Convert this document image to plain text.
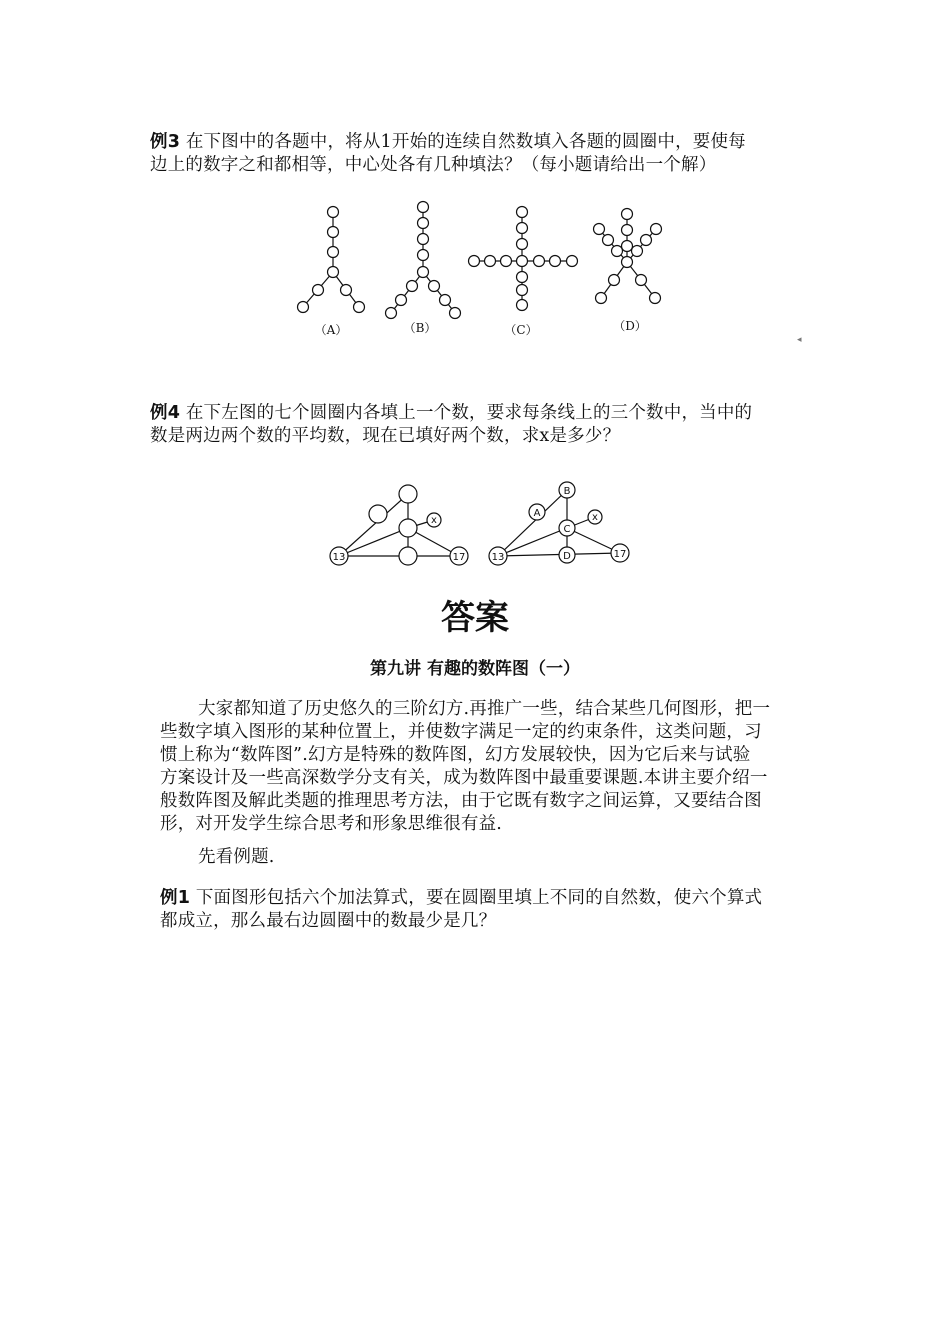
例3 在下图中的各题中，将从1开始的连续自然数填入各题的圆圈中，要使每
边上的数字之和都相等，中心处各有几种填法？（每小题请给出一个解）
（A）	（B）	（C）	（D）
◂
例4 在下左图的七个圆圈内各填上一个数，要求每条线上的三个数中，当中的
数是两边两个数的平均数，现在已填好两个数，求x是多少？
13	17
x
B
A
C
D
13	17
x
答案
第九讲 有趣的数阵图（一）
大家都知道了历史悠久的三阶幻方.再推广一些，结合某些几何图形，把一
些数字填入图形的某种位置上，并使数字满足一定的约束条件，这类问题，习
惯上称为“数阵图”.幻方是特殊的数阵图，幻方发展较快，因为它后来与试验
方案设计及一些高深数学分支有关，成为数阵图中最重要课题.本讲主要介绍一
般数阵图及解此类题的推理思考方法，由于它既有数字之间运算，又要结合图
形，对开发学生综合思考和形象思维很有益.
先看例题.
例1 下面图形包括六个加法算式，要在圆圈里填上不同的自然数，使六个算式
都成立，那么最右边圆圈中的数最少是几？
